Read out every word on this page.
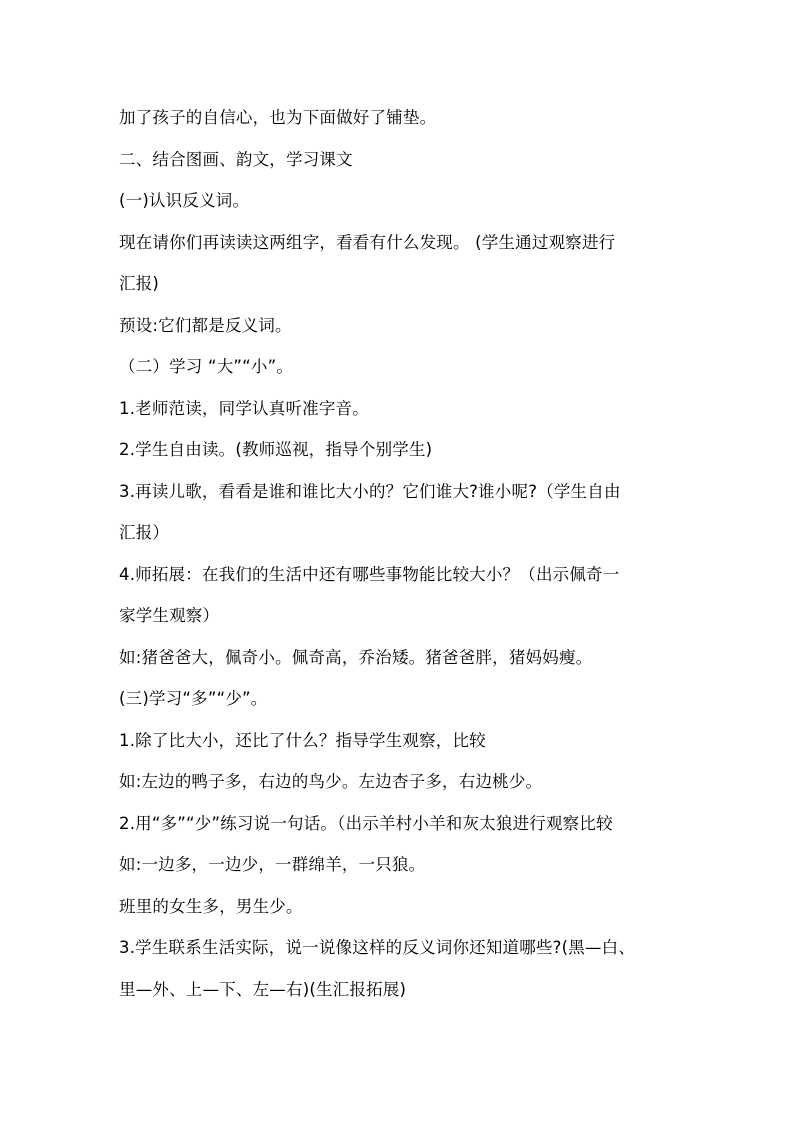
加了孩子的自信心，也为下面做好了铺垫。
二、结合图画、韵文，学习课文
(一)认识反义词。
现在请你们再读读这两组字，看看有什么发现。 (学生通过观察进行
汇报)
预设:它们都是反义词。
（二）学习 “大”“小”。
1.老师范读，同学认真听准字音。
2.学生自由读。(教师巡视，指导个别学生)
3.再读儿歌，看看是谁和谁比大小的？它们谁大?谁小呢?（学生自由
汇报）
4.师拓展：在我们的生活中还有哪些事物能比较大小？（出示佩奇一
家学生观察）
如:猪爸爸大，佩奇小。佩奇高，乔治矮。猪爸爸胖，猪妈妈瘦。
(三)学习“多”“少”。
1.除了比大小，还比了什么？指导学生观察，比较
如:左边的鸭子多，右边的鸟少。左边杏子多，右边桃少。
2.用“多”“少”练习说一句话。（出示羊村小羊和灰太狼进行观察比较
如:一边多，一边少，一群绵羊，一只狼。
班里的女生多，男生少。
3.学生联系生活实际，说一说像这样的反义词你还知道哪些?(黑—白、
里—外、上—下、左—右)(生汇报拓展)
